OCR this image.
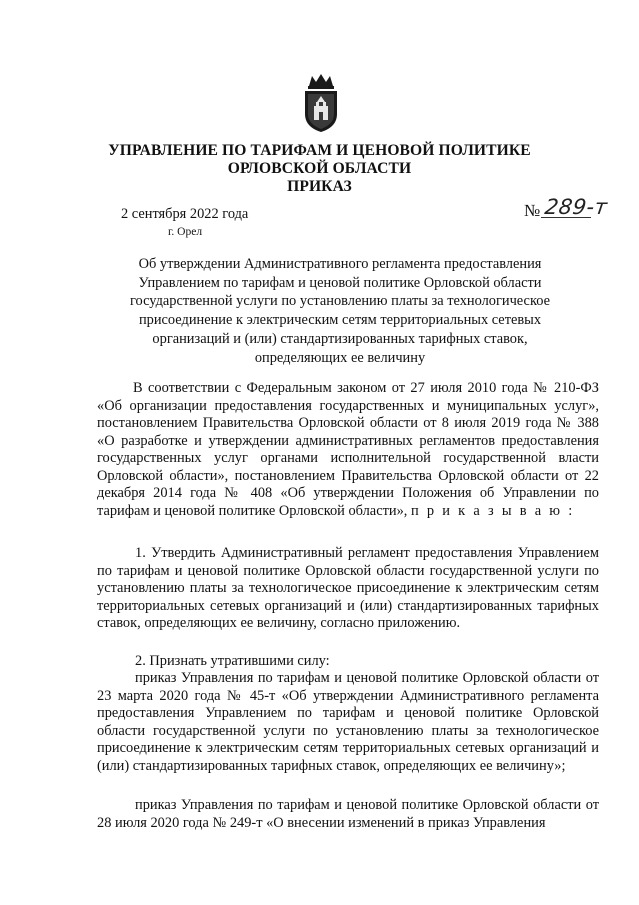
УПРАВЛЕНИЕ ПО ТАРИФАМ И ЦЕНОВОЙ ПОЛИТИКЕ
ОРЛОВСКОЙ ОБЛАСТИ
ПРИКАЗ
2 сентября 2022 года
г. Орел
№ 289-т
Об утверждении Административного регламента предоставления Управлением по тарифам и ценовой политике Орловской области государственной услуги по установлению платы за технологическое присоединение к электрическим сетям территориальных сетевых организаций и (или) стандартизированных тарифных ставок, определяющих ее величину
В соответствии с Федеральным законом от 27 июля 2010 года № 210-ФЗ «Об организации предоставления государственных и муниципальных услуг», постановлением Правительства Орловской области от 8 июля 2019 года № 388 «О разработке и утверждении административных регламентов предоставления государственных услуг органами исполнительной государственной власти Орловской области», постановлением Правительства Орловской области от 22 декабря 2014 года № 408 «Об утверждении Положения об Управлении по тарифам и ценовой политике Орловской области», п р и к а з ы в а ю :
1. Утвердить Административный регламент предоставления Управлением по тарифам и ценовой политике Орловской области государственной услуги по установлению платы за технологическое присоединение к электрическим сетям территориальных сетевых организаций и (или) стандартизированных тарифных ставок, определяющих ее величину, согласно приложению.
2. Признать утратившими силу:
приказ Управления по тарифам и ценовой политике Орловской области от 23 марта 2020 года № 45-т «Об утверждении Административного регламента предоставления Управлением по тарифам и ценовой политике Орловской области государственной услуги по установлению платы за технологическое присоединение к электрическим сетям территориальных сетевых организаций и (или) стандартизированных тарифных ставок, определяющих ее величину»;
приказ Управления по тарифам и ценовой политике Орловской области от 28 июля 2020 года № 249-т «О внесении изменений в приказ Управления
